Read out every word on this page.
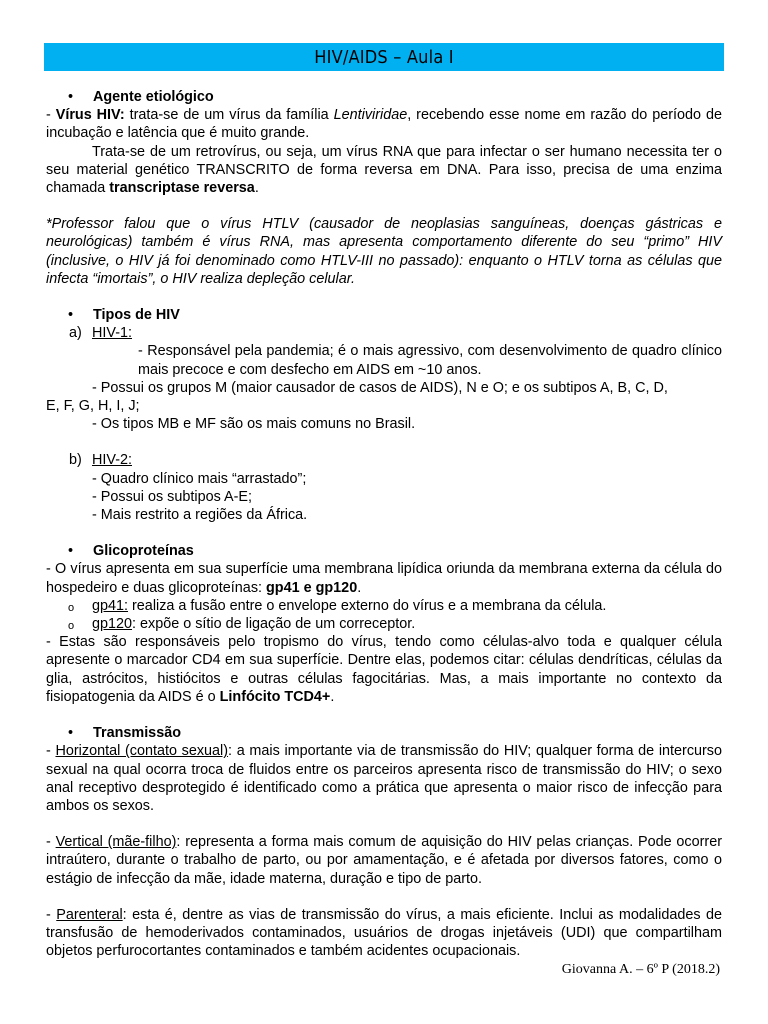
HIV/AIDS – Aula I
• Agente etiológico

- Vírus HIV: trata-se de um vírus da família Lentiviridae, recebendo esse nome em razão do período de incubação e latência que é muito grande.

Trata-se de um retrovírus, ou seja, um vírus RNA que para infectar o ser humano necessita ter o seu material genético TRANSCRITO de forma reversa em DNA. Para isso, precisa de uma enzima chamada transcriptase reversa.

*Professor falou que o vírus HTLV (causador de neoplasias sanguíneas, doenças gástricas e neurológicas) também é vírus RNA, mas apresenta comportamento diferente do seu “primo” HIV (inclusive, o HIV já foi denominado como HTLV-III no passado): enquanto o HTLV torna as células que infecta “imortais”, o HIV realiza depleção celular.

• Tipos de HIV
a) HIV-1:

- Responsável pela pandemia; é o mais agressivo, com desenvolvimento de quadro clínico mais precoce e com desfecho em AIDS em ~10 anos.

- Possui os grupos M (maior causador de casos de AIDS), N e O; e os subtipos A, B, C, D,
E, F, G, H, I, J;

- Os tipos MB e MF são os mais comuns no Brasil.

b) HIV-2:

- Quadro clínico mais “arrastado”;

- Possui os subtipos A-E;

- Mais restrito a regiões da África.

• Glicoproteínas

- O vírus apresenta em sua superfície uma membrana lipídica oriunda da membrana externa da célula do hospedeiro e duas glicoproteínas: gp41 e gp120.

o gp41: realiza a fusão entre o envelope externo do vírus e a membrana da célula.
o gp120: expõe o sítio de ligação de um correceptor.

- Estas são responsáveis pelo tropismo do vírus, tendo como células-alvo toda e qualquer célula apresente o marcador CD4 em sua superfície. Dentre elas, podemos citar: células dendríticas, células da glia, astrócitos, histiócitos e outras células fagocitárias. Mas, a mais importante no contexto da fisiopatogenia da AIDS é o Linfócito TCD4+.

• Transmissão

- Horizontal (contato sexual): a mais importante via de transmissão do HIV; qualquer forma de intercurso sexual na qual ocorra troca de fluidos entre os parceiros apresenta risco de transmissão do HIV; o sexo anal receptivo desprotegido é identificado como a prática que apresenta o maior risco de infecção para ambos os sexos.

- Vertical (mãe-filho): representa a forma mais comum de aquisição do HIV pelas crianças. Pode ocorrer intraútero, durante o trabalho de parto, ou por amamentação, e é afetada por diversos fatores, como o estágio de infecção da mãe, idade materna, duração e tipo de parto.

- Parenteral: esta é, dentre as vias de transmissão do vírus, a mais eficiente. Inclui as modalidades de transfusão de hemoderivados contaminados, usuários de drogas injetáveis (UDI) que compartilham objetos perfurocortantes contaminados e também acidentes ocupacionais.

Giovanna A. – 6º P (2018.2)
